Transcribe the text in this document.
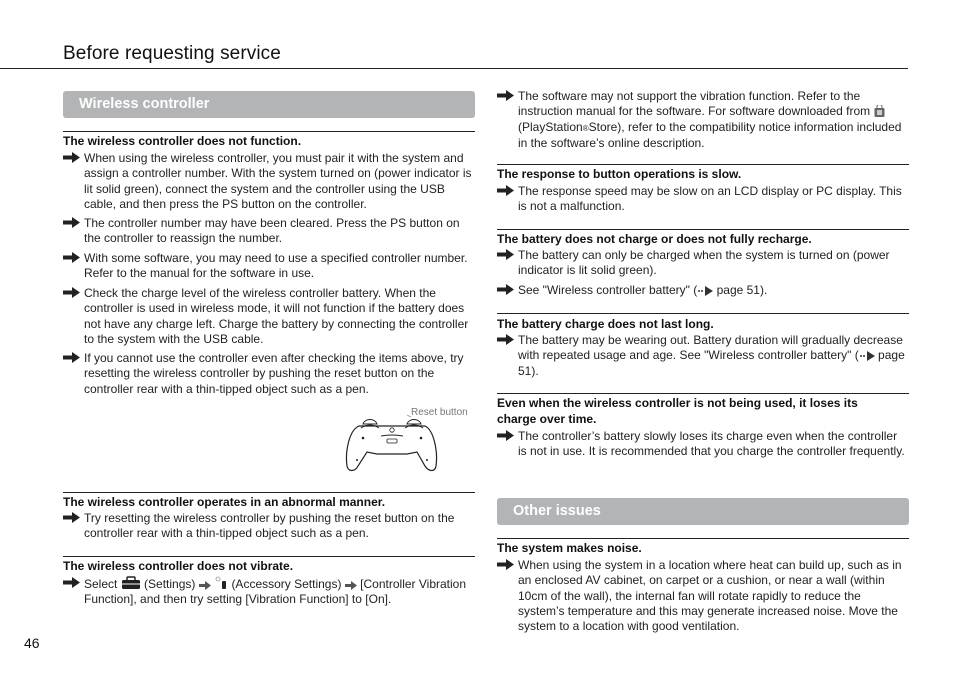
Before requesting service
Wireless controller
The wireless controller does not function.
When using the wireless controller, you must pair it with the system and assign a controller number. With the system turned on (power indicator is lit solid green), connect the system and the controller using the USB cable, and then press the PS button on the controller.
The controller number may have been cleared. Press the PS button on the controller to reassign the number.
With some software, you may need to use a specified controller number. Refer to the manual for the software in use.
Check the charge level of the wireless controller battery. When the controller is used in wireless mode, it will not function if the battery does not have any charge left. Charge the battery by connecting the controller to the system with the USB cable.
If you cannot use the controller even after checking the items above, try resetting the wireless controller by pushing the reset button on the controller rear with a thin-tipped object such as a pen.
Reset button
The wireless controller operates in an abnormal manner.
Try resetting the wireless controller by pushing the reset button on the controller rear with a thin-tipped object such as a pen.
The wireless controller does not vibrate.
Select (Settings)	(Accessory Settings) [Controller Vibration Function], and then try setting [Vibration Function] to [On].
The software may not support the vibration function. Refer to the instruction manual for the software. For software downloaded from  (PlayStation®Store), refer to the compatibility notice information included in the software’s online description.
The response to button operations is slow.
The response speed may be slow on an LCD display or PC display. This is not a malfunction.
The battery does not charge or does not fully recharge.
The battery can only be charged when the system is turned on (power indicator is lit solid green).
See "Wireless controller battery" ( page 51).
The battery charge does not last long.
The battery may be wearing out. Battery duration will gradually decrease with repeated usage and age. See "Wireless controller battery" ( page 51).
Even when the wireless controller is not being used, it loses its charge over time.
The controller’s battery slowly loses its charge even when the controller is not in use. It is recommended that you charge the controller frequently.
Other issues
The system makes noise.
When using the system in a location where heat can build up, such as in an enclosed AV cabinet, on carpet or a cushion, or near a wall (within 10cm of the wall), the internal fan will rotate rapidly to reduce the system’s temperature and this may generate increased noise. Move the system to a location with good ventilation.
46
